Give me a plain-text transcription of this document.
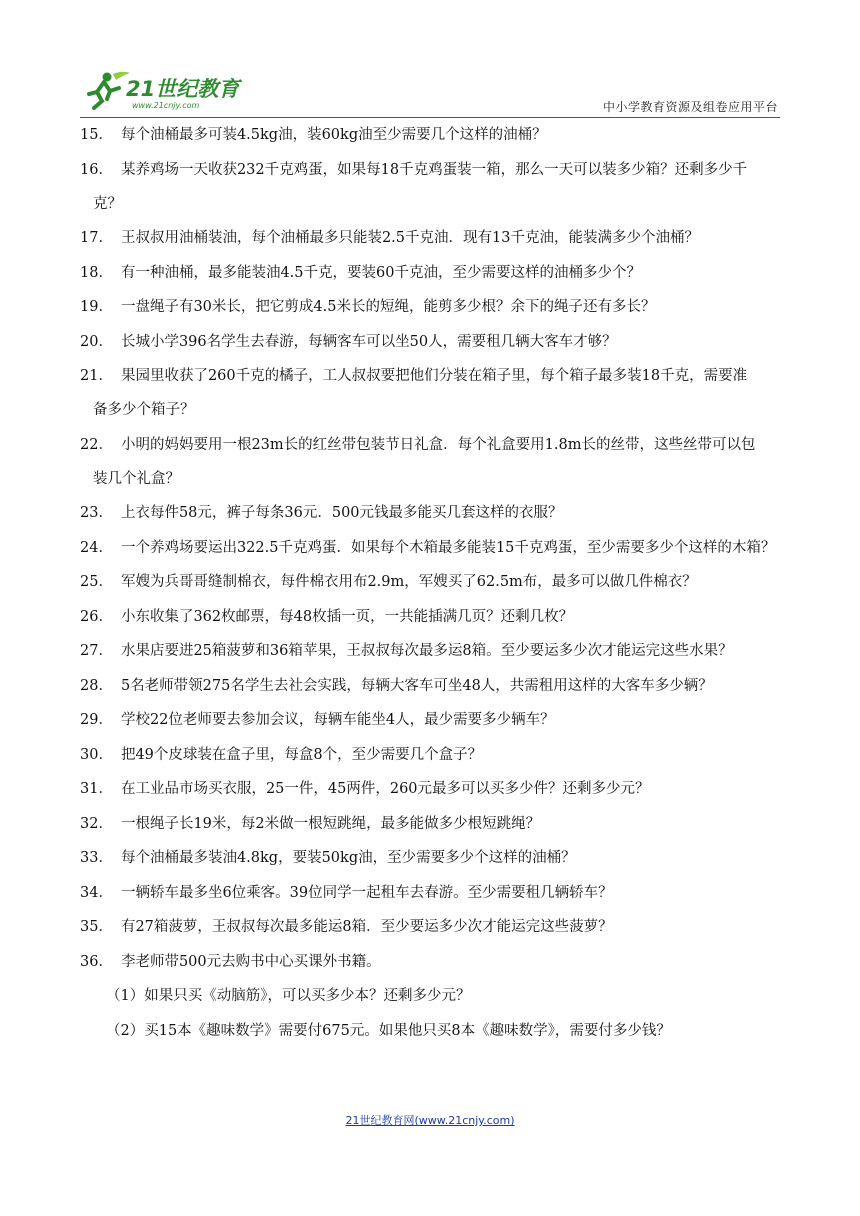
21世纪教育
www.21cnjy.com	中小学教育资源及组卷应用平台
15． 每个油桶最多可装4.5kg油，装60kg油至少需要几个这样的油桶？
16． 某养鸡场一天收获232千克鸡蛋，如果每18千克鸡蛋装一箱，那么一天可以装多少箱？还剩多少千
克？
17． 王叔叔用油桶装油，每个油桶最多只能装2.5千克油．现有13千克油，能装满多少个油桶？
18． 有一种油桶，最多能装油4.5千克，要装60千克油，至少需要这样的油桶多少个？
19． 一盘绳子有30米长，把它剪成4.5米长的短绳，能剪多少根？余下的绳子还有多长？
20． 长城小学396名学生去春游，每辆客车可以坐50人，需要租几辆大客车才够？
21． 果园里收获了260千克的橘子，工人叔叔要把他们分装在箱子里，每个箱子最多装18千克，需要准
备多少个箱子？
22． 小明的妈妈要用一根23m长的红丝带包装节日礼盒．每个礼盒要用1.8m长的丝带，这些丝带可以包
装几个礼盒？
23． 上衣每件58元，裤子每条36元．500元钱最多能买几套这样的衣服？
24． 一个养鸡场要运出322.5千克鸡蛋．如果每个木箱最多能装15千克鸡蛋，至少需要多少个这样的木箱？
25． 军嫂为兵哥哥缝制棉衣，每件棉衣用布2.9m，军嫂买了62.5m布，最多可以做几件棉衣？
26． 小东收集了362枚邮票，每48枚插一页，一共能插满几页？还剩几枚？
27． 水果店要进25箱菠萝和36箱苹果，王叔叔每次最多运8箱。至少要运多少次才能运完这些水果？
28． 5名老师带领275名学生去社会实践，每辆大客车可坐48人，共需租用这样的大客车多少辆？
29． 学校22位老师要去参加会议，每辆车能坐4人，最少需要多少辆车？
30． 把49个皮球装在盒子里，每盒8个，至少需要几个盒子？
31． 在工业品市场买衣服，25一件，45两件，260元最多可以买多少件？还剩多少元？
32． 一根绳子长19米，每2米做一根短跳绳，最多能做多少根短跳绳？
33． 每个油桶最多装油4.8kg，要装50kg油，至少需要多少个这样的油桶？
34． 一辆轿车最多坐6位乘客。39位同学一起租车去春游。至少需要租几辆轿车？
35． 有27箱菠萝，王叔叔每次最多能运8箱．至少要运多少次才能运完这些菠萝？
36． 李老师带500元去购书中心买课外书籍。
（1）如果只买《动脑筋》，可以买多少本？还剩多少元？
（2）买15本《趣味数学》需要付675元。如果他只买8本《趣味数学》，需要付多少钱？
21世纪教育网(www.21cnjy.com)
